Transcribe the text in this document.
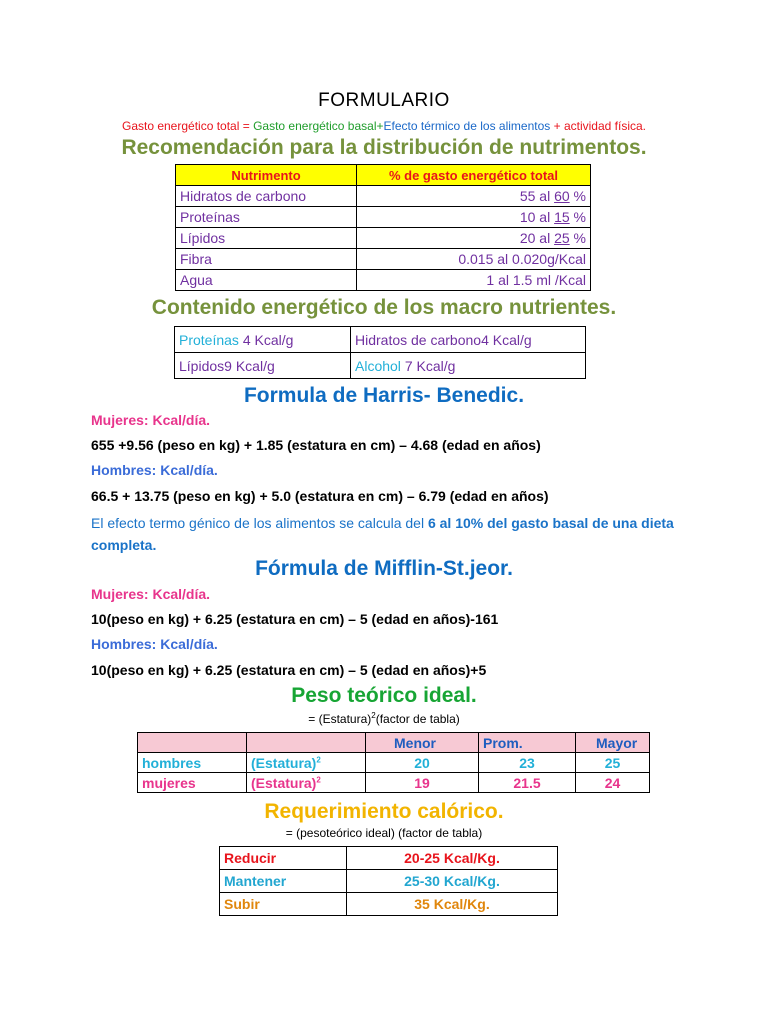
FORMULARIO
Gasto energético total = Gasto energético basal+Efecto térmico de los alimentos + actividad física.
Recomendación para la distribución de nutrimentos.
Nutrimento	% de gasto energético total
Hidratos de carbono	55 al 60 %
Proteínas	10 al 15 %
Lípidos	20 al 25 %
Fibra	0.015 al 0.020g/Kcal
Agua	1 al 1.5 ml /Kcal
Contenido energético de los macro nutrientes.
Proteínas 4 Kcal/g	Hidratos de carbono4 Kcal/g
Lípidos9 Kcal/g	Alcohol 7 Kcal/g
Formula de Harris- Benedic.
Mujeres: Kcal/día.
655 +9.56 (peso en kg) + 1.85 (estatura en cm) – 4.68 (edad en años)
Hombres: Kcal/día.
66.5 + 13.75 (peso en kg) + 5.0 (estatura en cm) – 6.79 (edad en años)
El efecto termo génico de los alimentos se calcula del 6 al 10% del gasto basal de una dieta completa.
Fórmula de Mifflin-St.jeor.
Mujeres: Kcal/día.
10(peso en kg) + 6.25 (estatura en cm) – 5 (edad en años)-161
Hombres: Kcal/día.
10(peso en kg) + 6.25 (estatura en cm) – 5 (edad en años)+5
Peso teórico ideal.
= (Estatura)$^2$(factor de tabla)
		Menor	Prom.	Mayor
hombres	(Estatura)$^2$	20	23	25
mujeres	(Estatura)$^2$	19	21.5	24
Requerimiento calórico.
= (pesoteórico ideal) (factor de tabla)
Reducir	20-25 Kcal/Kg.
Mantener	25-30 Kcal/Kg.
Subir	35 Kcal/Kg.
